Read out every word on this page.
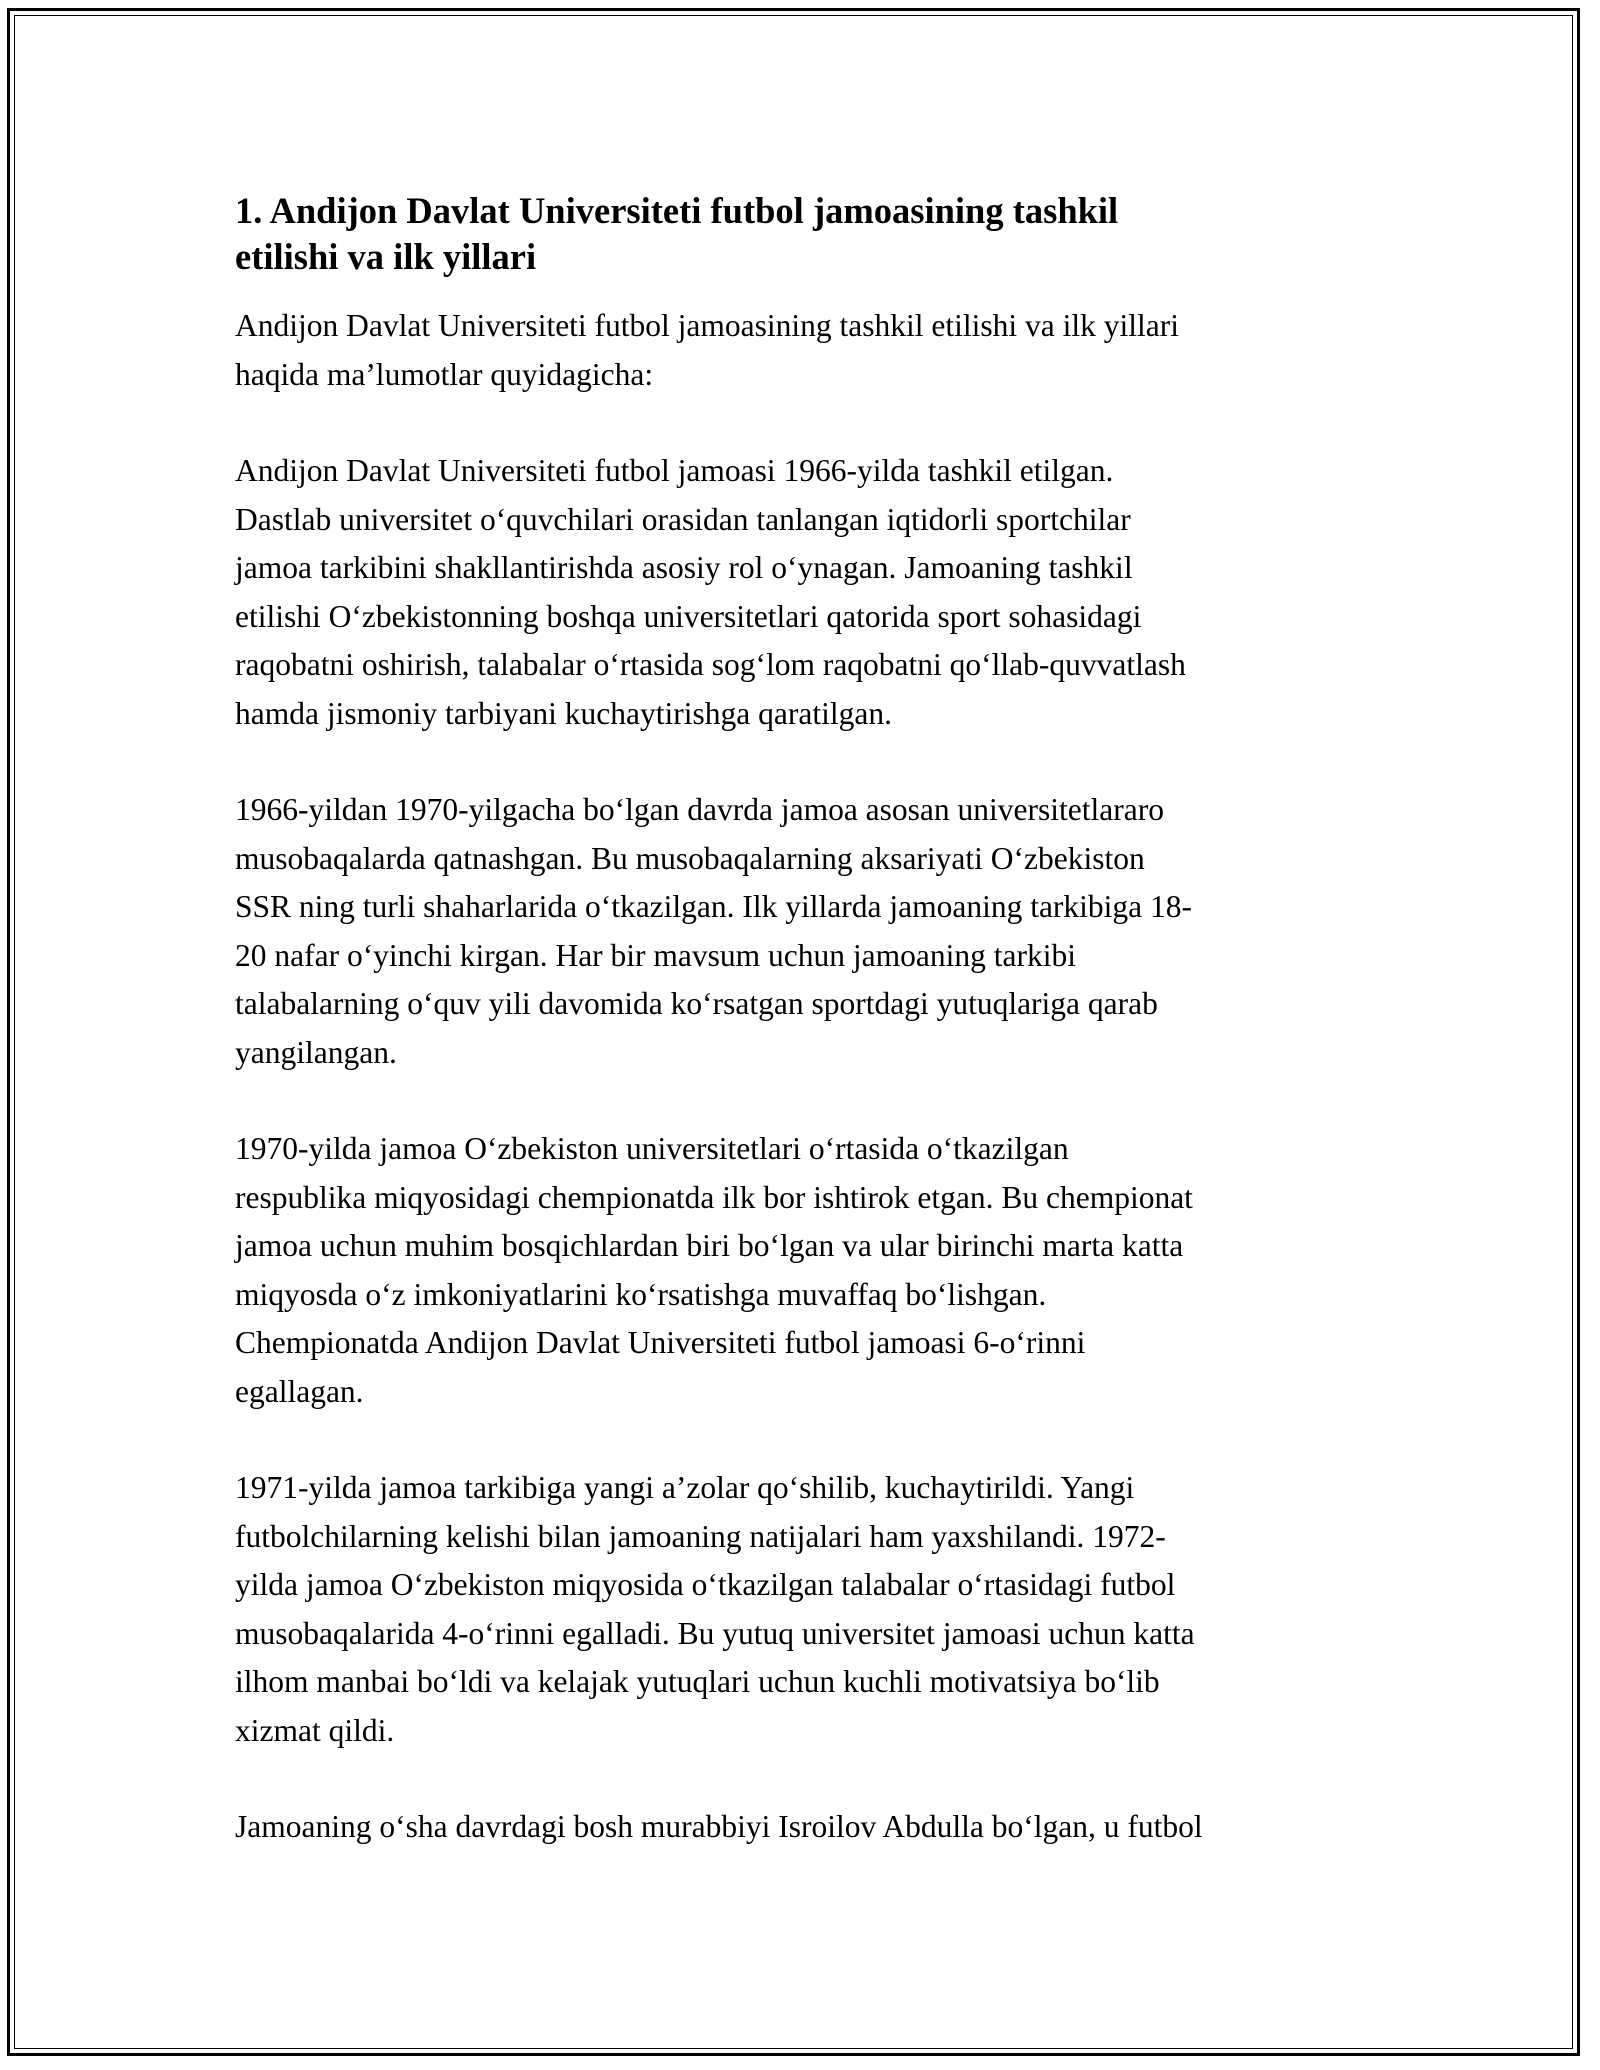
1. Andijon Davlat Universiteti futbol jamoasining tashkil
etilishi va ilk yillari

Andijon Davlat Universiteti futbol jamoasining tashkil etilishi va ilk yillari
haqida ma’lumotlar quyidagicha:

Andijon Davlat Universiteti futbol jamoasi 1966-yilda tashkil etilgan.
Dastlab universitet o‘quvchilari orasidan tanlangan iqtidorli sportchilar
jamoa tarkibini shakllantirishda asosiy rol o‘ynagan. Jamoaning tashkil
etilishi O‘zbekistonning boshqa universitetlari qatorida sport sohasidagi
raqobatni oshirish, talabalar o‘rtasida sog‘lom raqobatni qo‘llab-quvvatlash
hamda jismoniy tarbiyani kuchaytirishga qaratilgan.

1966-yildan 1970-yilgacha bo‘lgan davrda jamoa asosan universitetlararo
musobaqalarda qatnashgan. Bu musobaqalarning aksariyati O‘zbekiston
SSR ning turli shaharlarida o‘tkazilgan. Ilk yillarda jamoaning tarkibiga 18-
20 nafar o‘yinchi kirgan. Har bir mavsum uchun jamoaning tarkibi
talabalarning o‘quv yili davomida ko‘rsatgan sportdagi yutuqlariga qarab
yangilangan.

1970-yilda jamoa O‘zbekiston universitetlari o‘rtasida o‘tkazilgan
respublika miqyosidagi chempionatda ilk bor ishtirok etgan. Bu chempionat
jamoa uchun muhim bosqichlardan biri bo‘lgan va ular birinchi marta katta
miqyosda o‘z imkoniyatlarini ko‘rsatishga muvaffaq bo‘lishgan.
Chempionatda Andijon Davlat Universiteti futbol jamoasi 6-o‘rinni
egallagan.

1971-yilda jamoa tarkibiga yangi a’zolar qo‘shilib, kuchaytirildi. Yangi
futbolchilarning kelishi bilan jamoaning natijalari ham yaxshilandi. 1972-
yilda jamoa O‘zbekiston miqyosida o‘tkazilgan talabalar o‘rtasidagi futbol
musobaqalarida 4-o‘rinni egalladi. Bu yutuq universitet jamoasi uchun katta
ilhom manbai bo‘ldi va kelajak yutuqlari uchun kuchli motivatsiya bo‘lib
xizmat qildi.

Jamoaning o‘sha davrdagi bosh murabbiyi Isroilov Abdulla bo‘lgan, u futbol
